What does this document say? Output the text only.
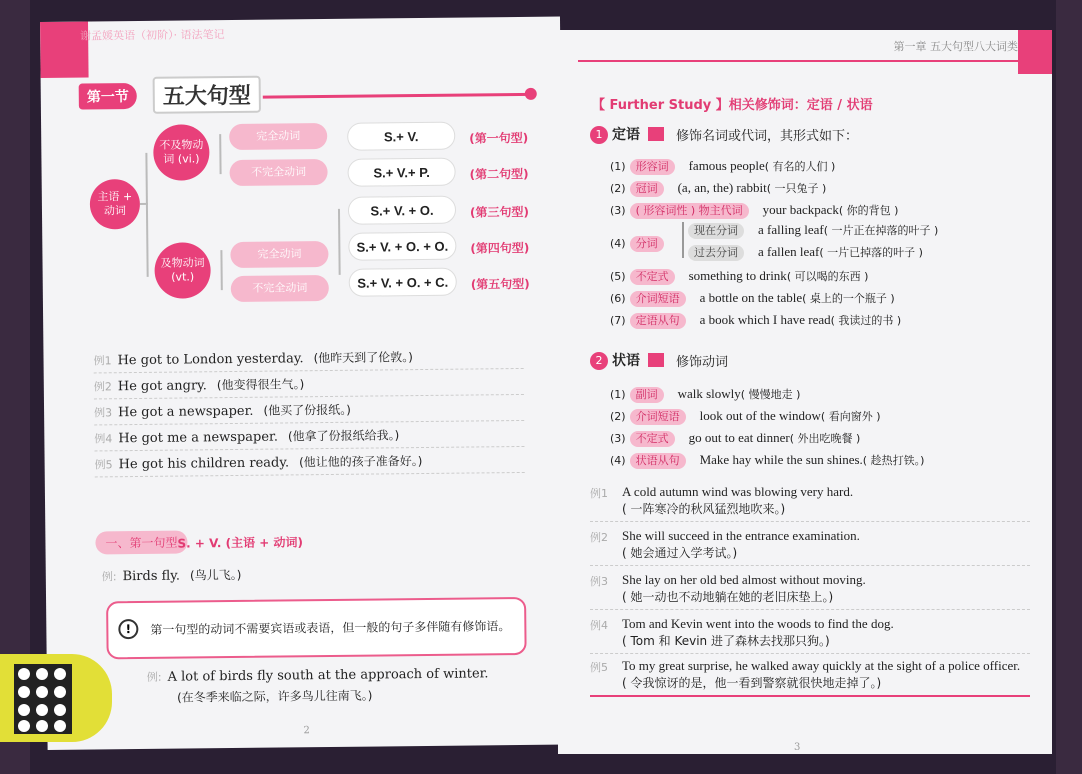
谢孟媛英语（初阶）· 语法笔记
第一节	五大句型
主语 + 动词
不及物动词 (vi.)
及物动词 (vt.)
完全动词
不完全动词
完全动词
不完全动词
S.+ V.
S.+ V.+ P.
S.+ V. + O.
S.+ V. + O. + O.
S.+ V. + O. + C.
(第一句型)
(第二句型)
(第三句型)
(第四句型)
(第五句型)
例1 He got to London yesterday. (他昨天到了伦敦。)
例2 He got angry. (他变得很生气。)
例3 He got a newspaper. (他买了份报纸。)
例4 He got me a newspaper. (他拿了份报纸给我。)
例5 He got his children ready. (他让他的孩子准备好。)
一、第一句型 S. + V. (主语 + 动词)
例: Birds fly. (鸟儿飞。)
!	第一句型的动词不需要宾语或表语，但一般的句子多伴随有修饰语。
例: A lot of birds fly south at the approach of winter.
(在冬季来临之际，许多鸟儿往南飞。)
2
第一章 五大句型八大词类
【 Further Study 】相关修饰词：定语 / 状语
1 定语	修饰名词或代词，其形式如下：
(1) 形容词 famous people( 有名的人们 )
(2) 冠词 (a, an, the) rabbit( 一只兔子 )
(3) ( 形容词性 ) 物主代词 your backpack( 你的背包 )
(4) 分词
现在分词 a falling leaf( 一片正在掉落的叶子 )
过去分词 a fallen leaf( 一片已掉落的叶子 )
(5) 不定式 something to drink( 可以喝的东西 )
(6) 介词短语 a bottle on the table( 桌上的一个瓶子 )
(7) 定语从句 a book which I have read( 我读过的书 )
2 状语	修饰动词
(1) 副词 walk slowly( 慢慢地走 )
(2) 介词短语 look out of the window( 看向窗外 )
(3) 不定式 go out to eat dinner( 外出吃晚餐 )
(4) 状语从句 Make hay while the sun shines.( 趁热打铁。)
例1 A cold autumn wind was blowing very hard.
( 一阵寒冷的秋风猛烈地吹来。)
例2 She will succeed in the entrance examination.
( 她会通过入学考试。)
例3 She lay on her old bed almost without moving.
( 她一动也不动地躺在她的老旧床垫上。)
例4 Tom and Kevin went into the woods to find the dog.
( Tom 和 Kevin 进了森林去找那只狗。)
例5 To my great surprise, he walked away quickly at the sight of a police officer.
( 令我惊讶的是，他一看到警察就很快地走掉了。)
3
